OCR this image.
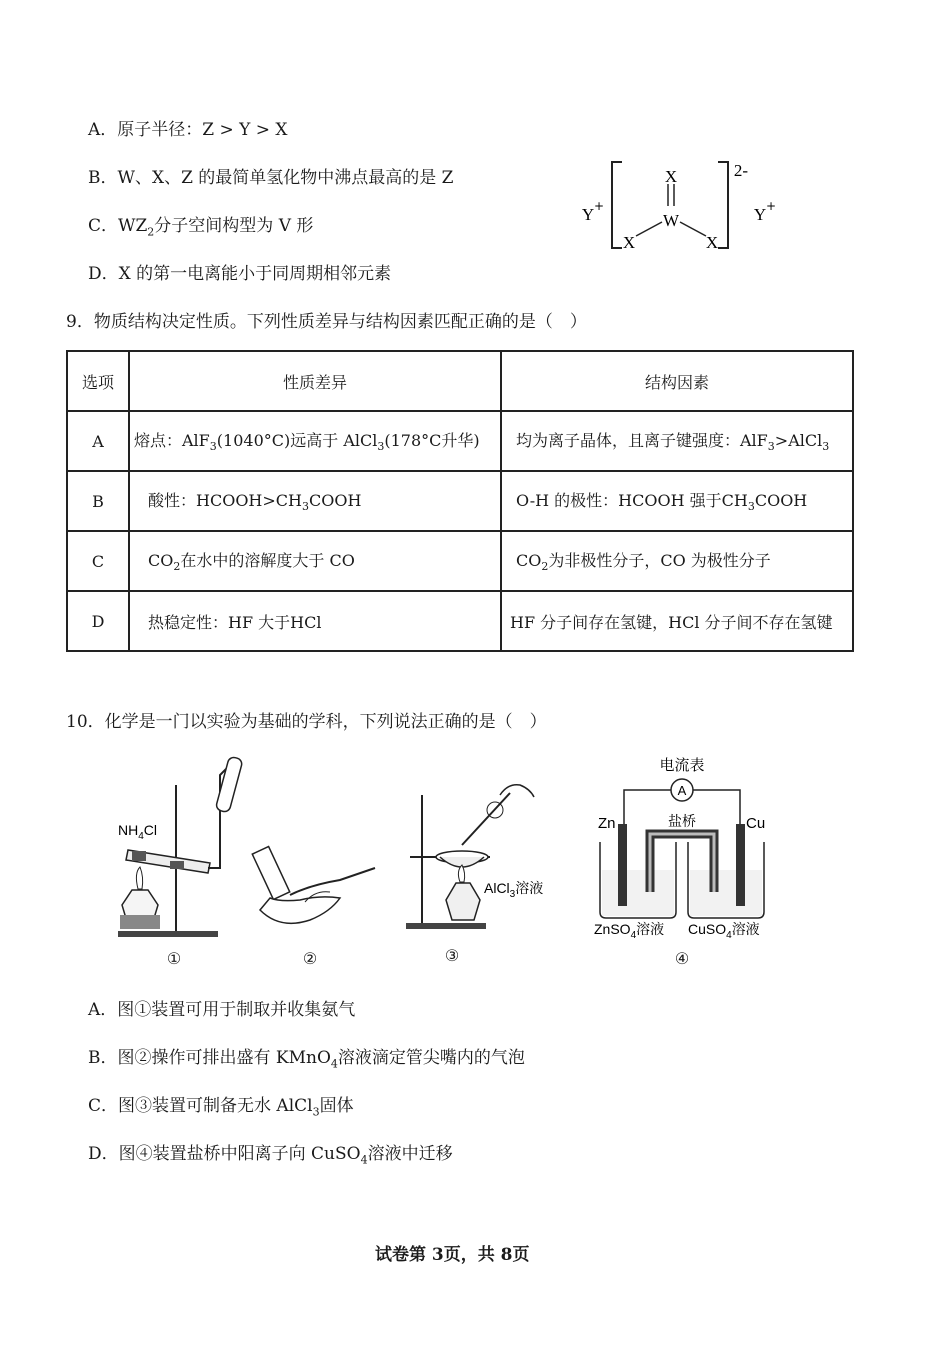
A．原子半径：Z > Y > X
B．W、X、Z 的最简单氢化物中沸点最高的是 Z
C．$WZ_2$分子空间构型为 V 形
D．X 的第一电离能小于同周期相邻元素
X
W
X	X
Y +	Y +
2-
9．物质结构决定性质。下列性质差异与结构因素匹配正确的是（　）
选项	性质差异	结构因素
A	熔点：AlF$_3$(1040°C)远高于 AlCl$_3$(178°C升华)	均为离子晶体，且离子键强度：AlF$_3$>AlCl$_3$
B	酸性：$HCOOH>CH_3COOH$	O-H 的极性：HCOOH 强于$CH_3COOH$
C	$CO_2$在水中的溶解度大于 CO	$CO_2$为非极性分子，CO 为极性分子
D	热稳定性：HF 大于HCl	HF 分子间存在氢键，HCl 分子间不存在氢键
10．化学是一门以实验为基础的学科，下列说法正确的是（　）
$NH_4Cl$
①	②
AlCl$_3$溶液
③
电流表
A
Zn	Cu
盐桥
ZnSO$_4$溶液 CuSO$_4$溶液
④
A．图①装置可用于制取并收集氨气
B．图②操作可排出盛有 KMnO$_4$溶液滴定管尖嘴内的气泡
C．图③装置可制备无水 AlCl$_3$固体
D．图④装置盐桥中阳离子向 CuSO$_4$溶液中迁移
试卷第 3页，共 8页
